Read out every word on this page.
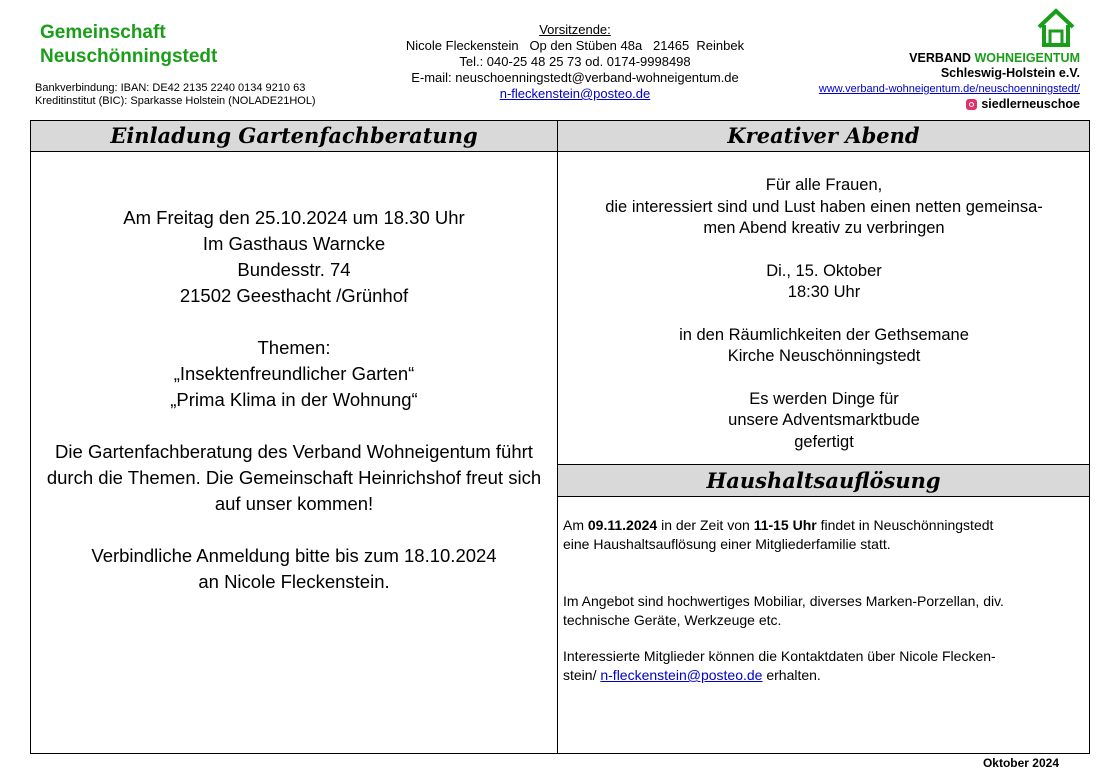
Gemeinschaft
Neuschönningstedt
Bankverbindung: IBAN: DE42 2135 2240 0134 9210 63
Kreditinstitut (BIC): Sparkasse Holstein (NOLADE21HOL)
Vorsitzende:
Nicole Fleckenstein   Op den Stüben 48a   21465  Reinbek
Tel.: 040-25 48 25 73 od. 0174-9998498
E-mail: neuschoenningstedt@verband-wohneigentum.de
n-fleckenstein@posteo.de
VERBAND WOHNEIGENTUM
Schleswig-Holstein e.V.
www.verband-wohneigentum.de/neuschoenningstedt/
siedlerneuschoe
Einladung Gartenfachberatung	Kreativer Abend
Haushaltsauflösung

Am Freitag den 25.10.2024 um 18.30 Uhr

Im Gasthaus Warncke

Bundesstr. 74

21502 Geesthacht /Grünhof

Themen:

„Insektenfreundlicher Garten“

„Prima Klima in der Wohnung“

Die Gartenfachberatung des Verband Wohneigentum führt

durch die Themen. Die Gemeinschaft Heinrichshof freut sich

auf unser kommen!

Verbindliche Anmeldung bitte bis zum 18.10.2024

an Nicole Fleckenstein.

Für alle Frauen,

die interessiert sind und Lust haben einen netten gemeinsa-

men Abend kreativ zu verbringen

Di., 15. Oktober

18:30 Uhr

in den Räumlichkeiten der Gethsemane

Kirche Neuschönningstedt

Es werden Dinge für

unsere Adventsmarktbude

gefertigt

Am 09.11.2024 in der Zeit von 11-15 Uhr findet in Neuschönningstedt

eine Haushaltsauflösung einer Mitgliederfamilie statt.

Im Angebot sind hochwertiges Mobiliar, diverses Marken-Porzellan, div.

technische Geräte, Werkzeuge etc.

Interessierte Mitglieder können die Kontaktdaten über Nicole Flecken-

stein/ n-fleckenstein@posteo.de erhalten.

Oktober 2024
